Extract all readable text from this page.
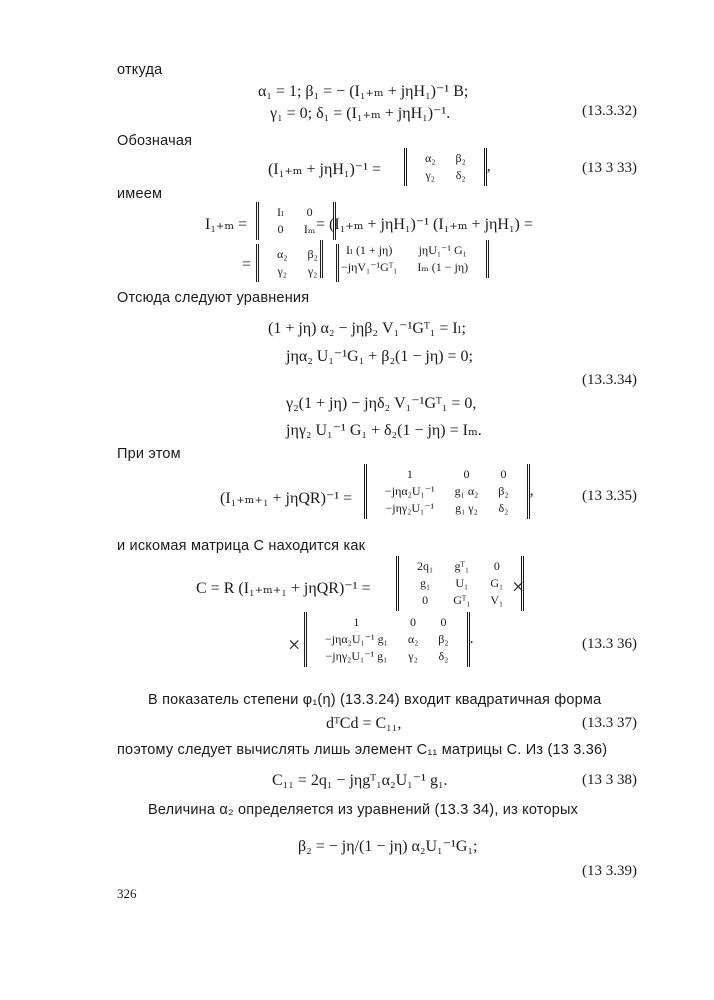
откуда
α₁ = 1; β₁ = − (I₁₊ₘ + jηH₁)⁻¹ B;
γ₁ = 0; δ₁ = (I₁₊ₘ + jηH₁)⁻¹.	(13.3.32)
Обозначая
(I₁₊ₘ + jηH₁)⁻¹ =
α₂	β₂
γ₂	δ₂
,	(13 3 33)
имеем
I₁₊ₘ =
Iₗ	0
0	Iₘ = (I₁₊ₘ + jηH₁)⁻¹ (I₁₊ₘ + jηH₁) =
=
α₂	β₂
γ₂	γ₂
Iₗ (1 + jη)	jηU₁⁻¹ G₁
−jηV₁⁻¹Gᵀ₁	Iₘ (1 − jη)
Отсюда следуют уравнения
(1 + jη) α₂ − jηβ₂ V₁⁻¹Gᵀ₁ = Iₗ;
jηα₂ U₁⁻¹G₁ + β₂(1 − jη) = 0;
(13.3.34)
γ₂(1 + jη) − jηδ₂ V₁⁻¹Gᵀ₁ = 0,
jηγ₂ U₁⁻¹ G₁ + δ₂(1 − jη) = Iₘ.
При этом
(I₁₊ₘ₊₁ + jηQR)⁻¹ =
1	0	0
−jηα₂U₁⁻¹	g₁ α₂	β₂
−jηγ₂U₁⁻¹	g₁ γ₂	δ₂
,	(13 3.35)
и искомая матрица C находится как
C = R (I₁₊ₘ₊₁ + jηQR)⁻¹ =
2q₁	gᵀ₁	0
g₁	U₁	G₁
0	Gᵀ₁	V₁
×
×
1	0	0
−jηα₂U₁⁻¹ g₁	α₂	β₂
−jηγ₂U₁⁻¹ g₁	γ₂	δ₂
.	(13.3 36)
В показатель степени φ₁(η) (13.3.24) входит квадратичная форма
dᵀCd = C₁₁,	(13.3 37)
поэтому следует вычислять лишь элемент C₁₁ матрицы C. Из (13 3.36)
C₁₁ = 2q₁ − jηgᵀ₁α₂U₁⁻¹ g₁.	(13 3 38)
Величина α₂ определяется из уравнений (13.3 34), из которых
β₂ = − jη/(1 − jη) α₂U₁⁻¹G₁;
(13 3.39)
326
